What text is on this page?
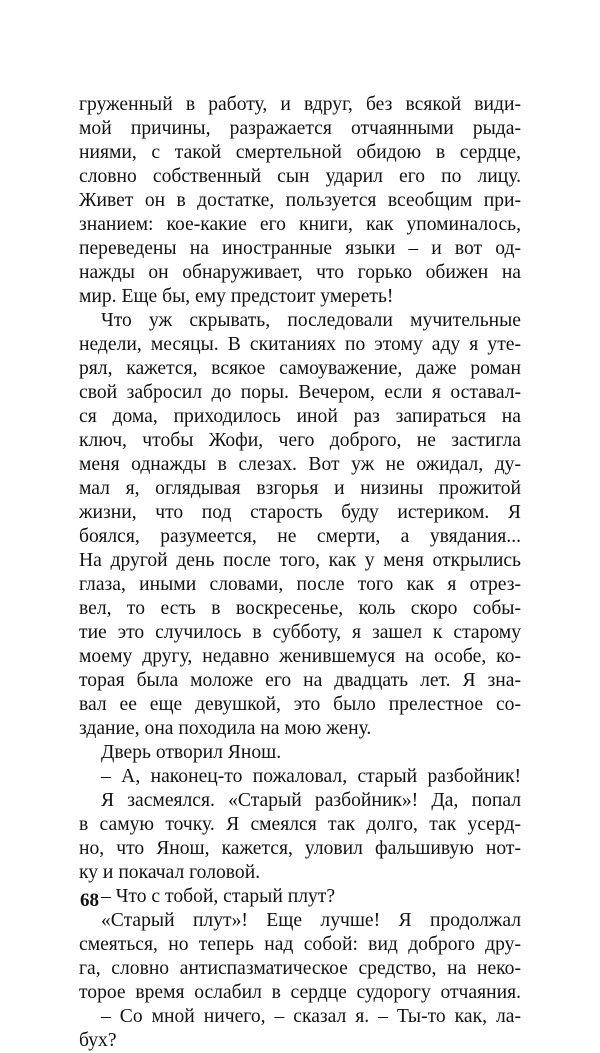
груженный в работу, и вдруг, без всякой види-
мой причины, разражается отчаянными рыда-
ниями, с такой смертельной обидою в сердце,
словно собственный сын ударил его по лицу.
Живет он в достатке, пользуется всеобщим при-
знанием: кое-какие его книги, как упоминалось,
переведены на иностранные языки – и вот од-
нажды он обнаруживает, что горько обижен на
мир. Еще бы, ему предстоит умереть!
Что уж скрывать, последовали мучительные
недели, месяцы. В скитаниях по этому аду я уте-
рял, кажется, всякое самоуважение, даже роман
свой забросил до поры. Вечером, если я оставал-
ся дома, приходилось иной раз запираться на
ключ, чтобы Жофи, чего доброго, не застигла
меня однажды в слезах. Вот уж не ожидал, ду-
мал я, оглядывая взгорья и низины прожитой
жизни, что под старость буду истериком. Я
боялся, разумеется, не смерти, а увядания...
На другой день после того, как у меня открылись
глаза, иными словами, после того как я отрез-
вел, то есть в воскресенье, коль скоро собы-
тие это случилось в субботу, я зашел к старому
моему другу, недавно женившемуся на особе, ко-
торая была моложе его на двадцать лет. Я зна-
вал ее еще девушкой, это было прелестное со-
здание, она походила на мою жену.
Дверь отворил Янош.
– А, наконец-то пожаловал, старый разбойник!
Я засмеялся. «Старый разбойник»! Да, попал
в самую точку. Я смеялся так долго, так усерд-
но, что Янош, кажется, уловил фальшивую нот-
ку и покачал головой.
– Что с тобой, старый плут?
«Старый плут»! Еще лучше! Я продолжал
смеяться, но теперь над собой: вид доброго дру-
га, словно антиспазматическое средство, на неко-
торое время ослабил в сердце судорогу отчаяния.
– Со мной ничего, – сказал я. – Ты-то как, ла-
бух?
68
